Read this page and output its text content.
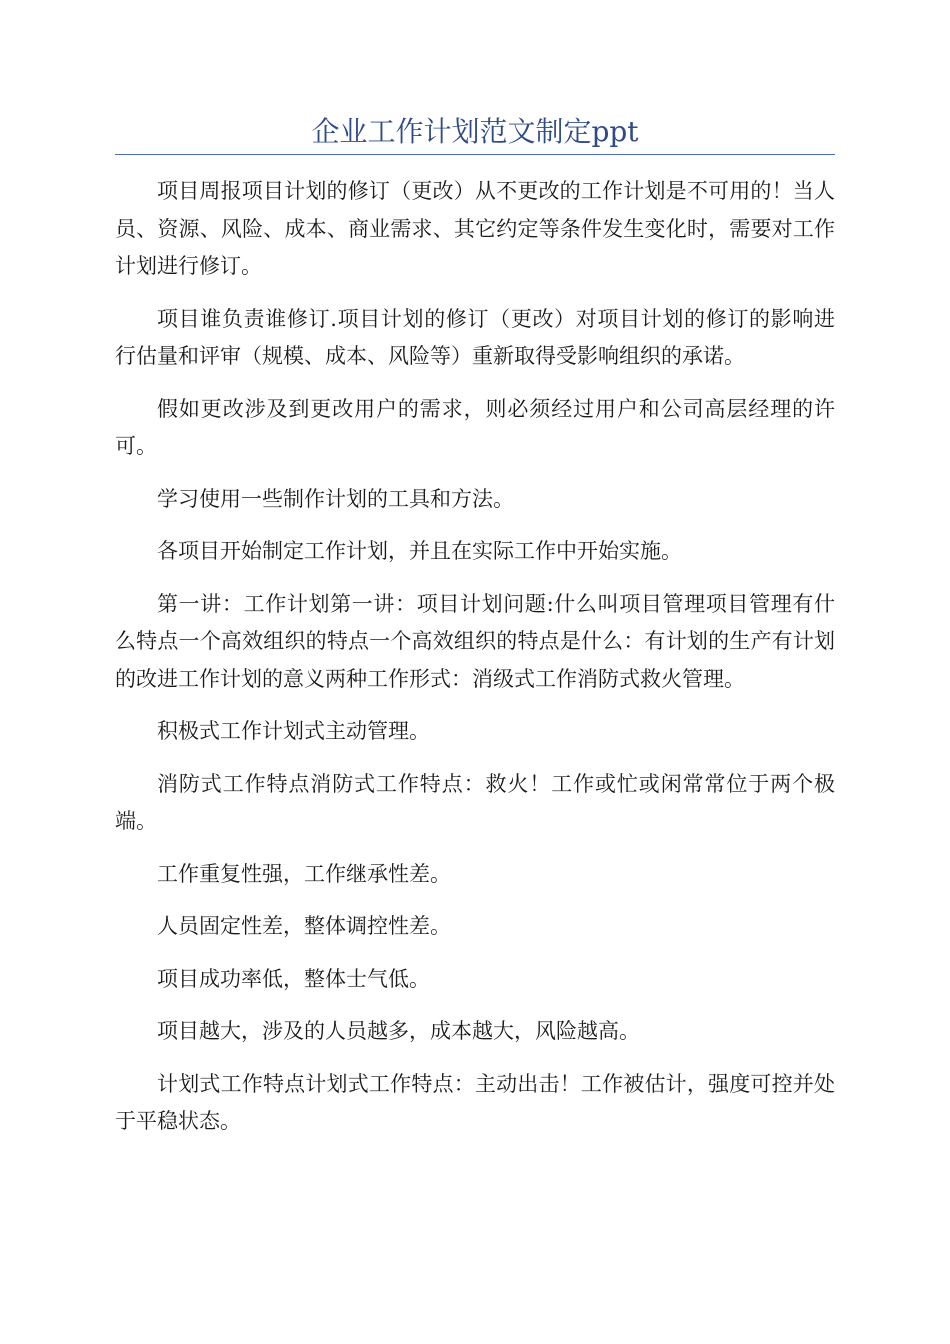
企业工作计划范文制定ppt

项目周报项目计划的修订（更改）从不更改的工作计划是不可用的！当人员、资源、风险、成本、商业需求、其它约定等条件发生变化时，需要对工作计划进行修订。

项目谁负责谁修订.项目计划的修订（更改）对项目计划的修订的影响进行估量和评审（规模、成本、风险等）重新取得受影响组织的承诺。

假如更改涉及到更改用户的需求，则必须经过用户和公司高层经理的许可。

学习使用一些制作计划的工具和方法。

各项目开始制定工作计划，并且在实际工作中开始实施。

第一讲：工作计划第一讲：项目计划问题:什么叫项目管理项目管理有什么特点一个高效组织的特点一个高效组织的特点是什么：有计划的生产有计划的改进工作计划的意义两种工作形式：消级式工作消防式救火管理。

积极式工作计划式主动管理。

消防式工作特点消防式工作特点：救火！工作或忙或闲常常位于两个极端。

工作重复性强，工作继承性差。

人员固定性差，整体调控性差。

项目成功率低，整体士气低。

项目越大，涉及的人员越多，成本越大，风险越高。

计划式工作特点计划式工作特点：主动出击！工作被估计，强度可控并处于平稳状态。
